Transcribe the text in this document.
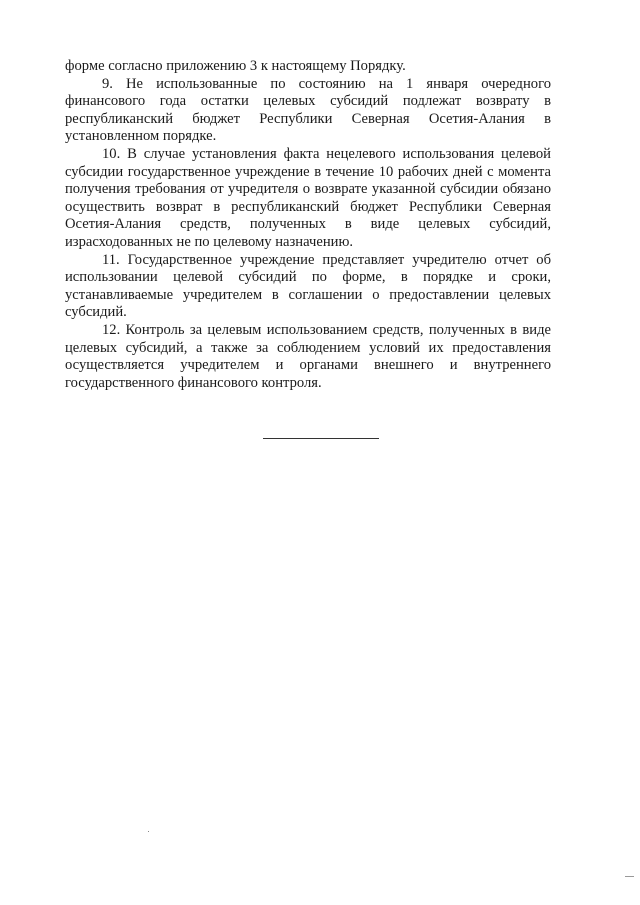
форме согласно приложению 3 к настоящему Порядку.

9. Не использованные по состоянию на 1 января очередного финансового года остатки целевых субсидий подлежат возврату в республиканский бюджет Республики Северная Осетия-Алания в установленном порядке.

10. В случае установления факта нецелевого использования целевой субсидии государственное учреждение в течение 10 рабочих дней с момента получения требования от учредителя о возврате указанной субсидии обязано осуществить возврат в республиканский бюджет Республики Северная Осетия-Алания средств, полученных в виде целевых субсидий, израсходованных не по целевому назначению.

11. Государственное учреждение представляет учредителю отчет об использовании целевой субсидий по форме, в порядке и сроки, устанавливаемые учредителем в соглашении о предоставлении целевых субсидий.

12. Контроль за целевым использованием средств, полученных в виде целевых субсидий, а также за соблюдением условий их предоставления осуществляется учредителем и органами внешнего и внутреннего государственного финансового контроля.
